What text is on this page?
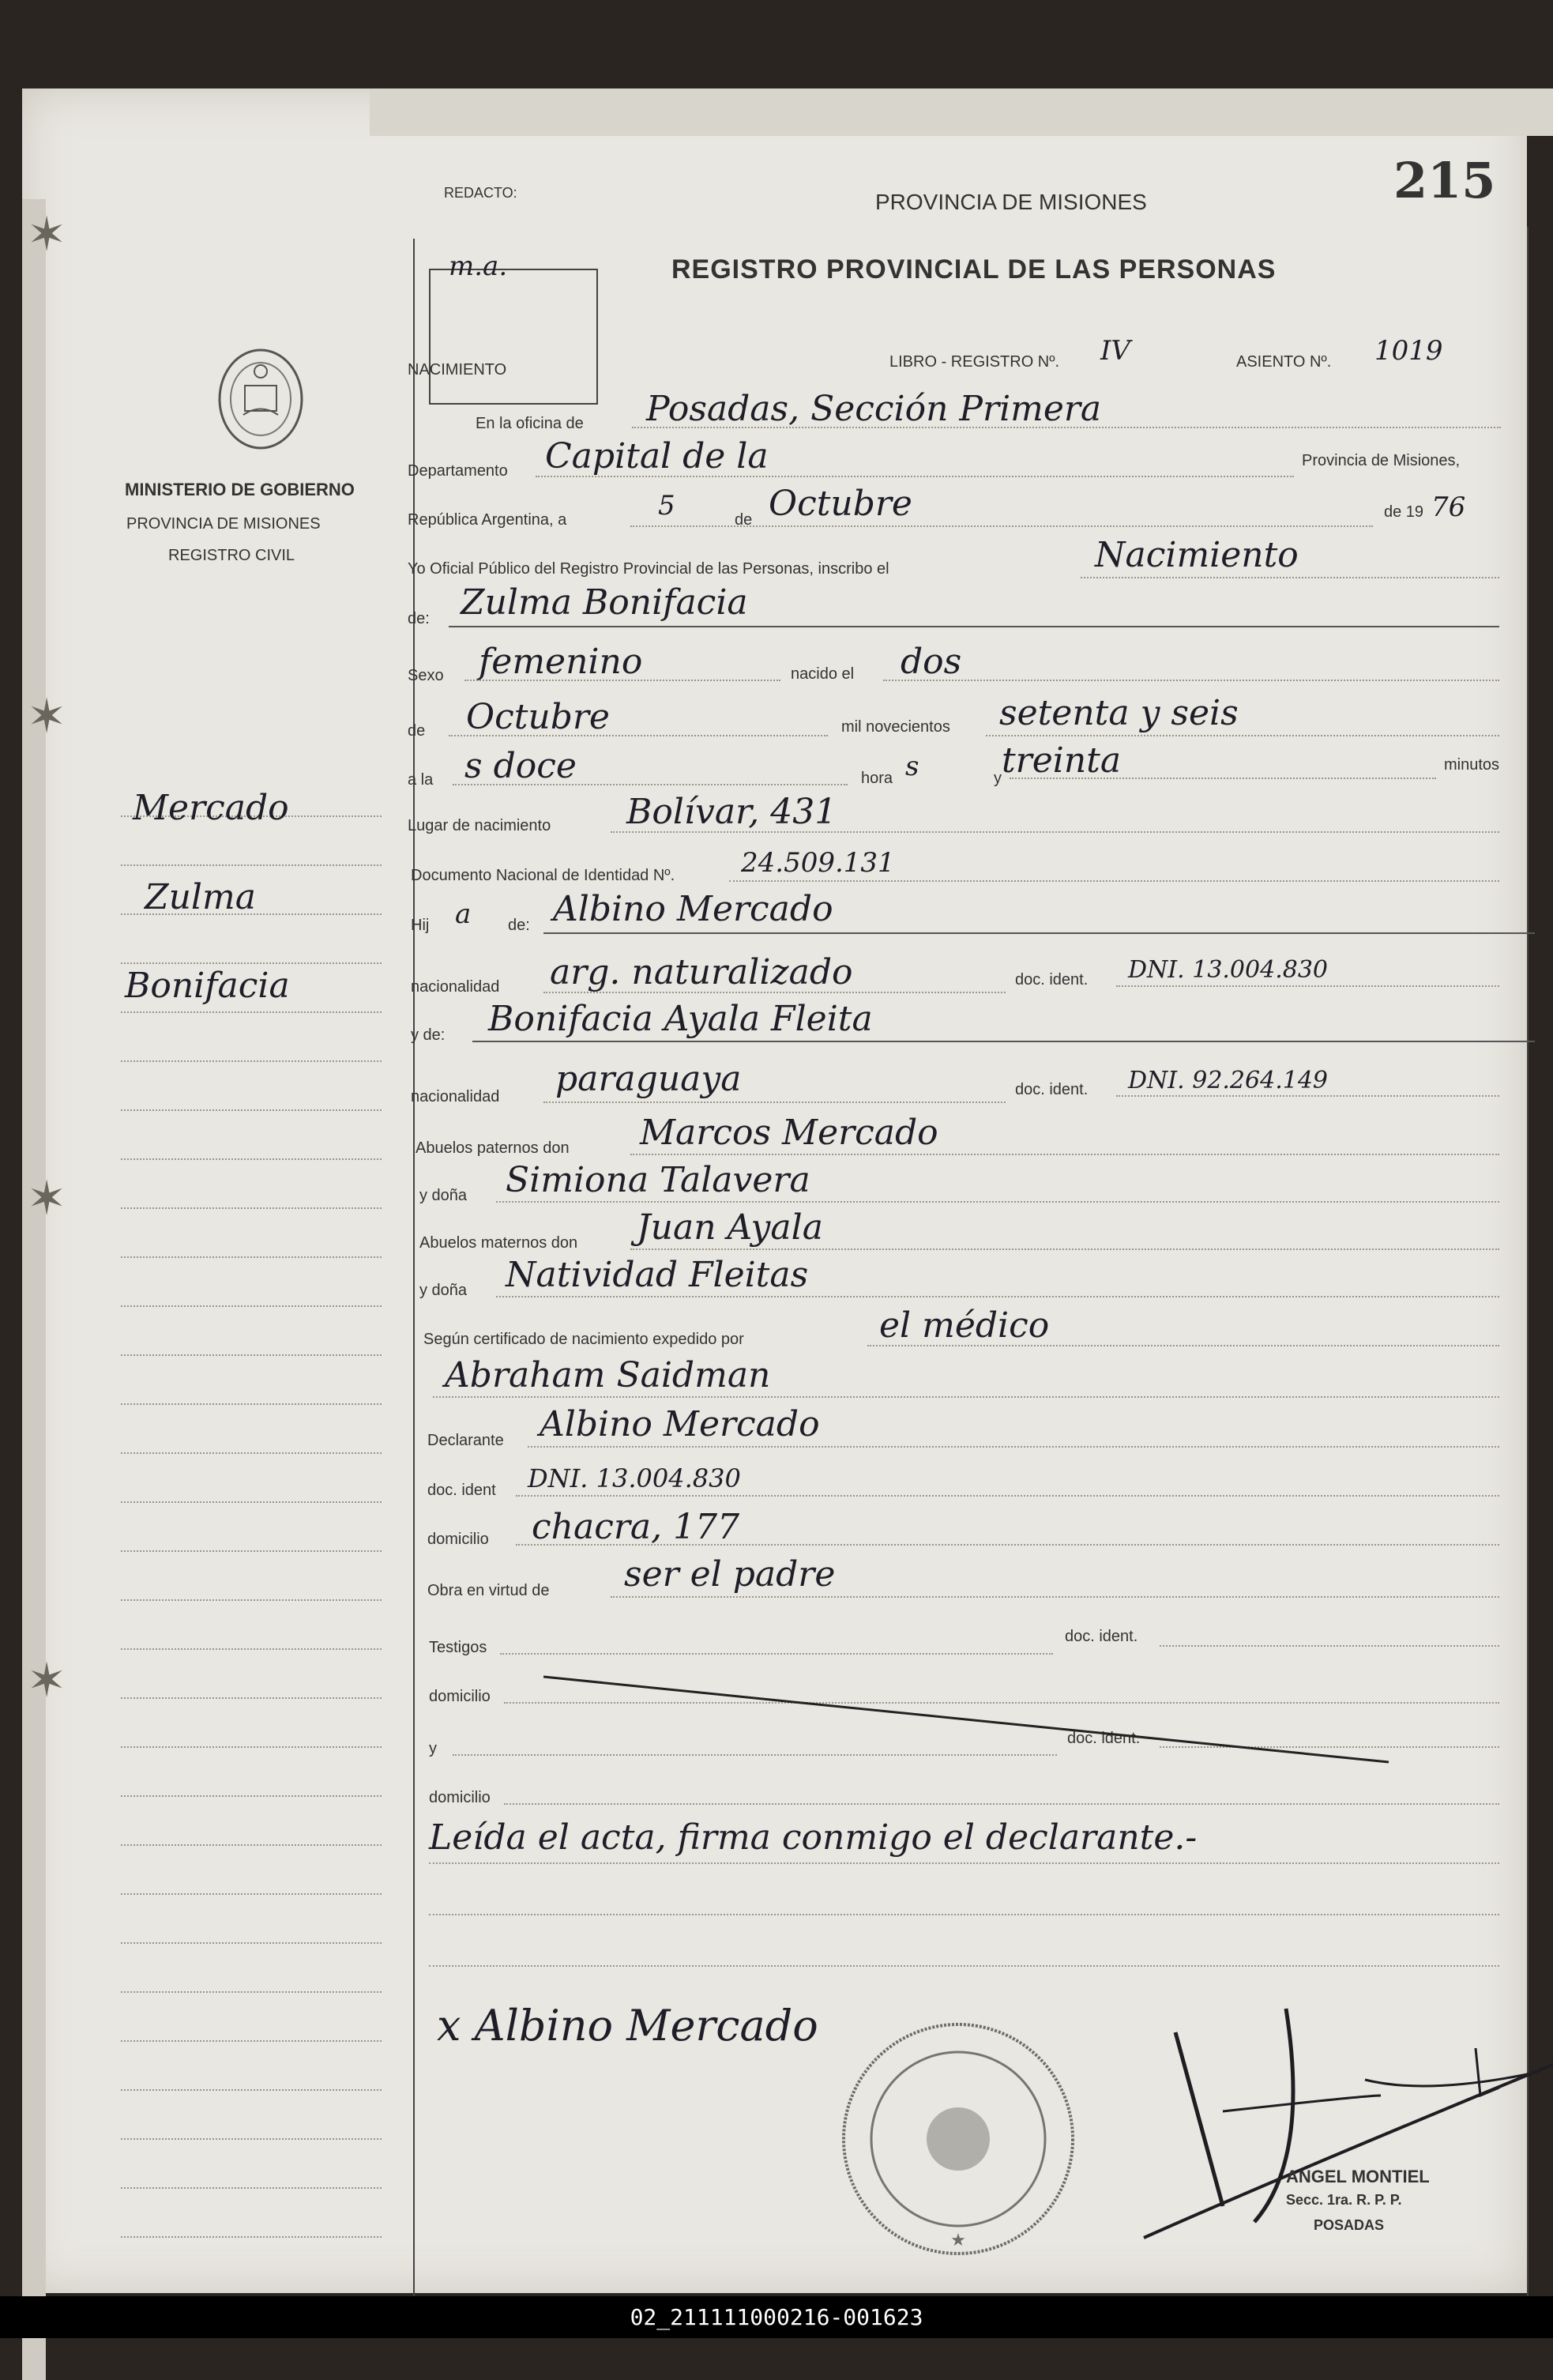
✶
✶
✶
✶
MINISTERIO DE GOBIERNO
PROVINCIA DE MISIONES
REGISTRO CIVIL
Mercado
Zulma
Bonifacia
REDACTO:
m.a.
PROVINCIA DE MISIONES	215
REGISTRO PROVINCIAL DE LAS PERSONAS
NACIMIENTO	LIBRO - REGISTRO Nº. IV	ASIENTO Nº. 1019
En la oficina de Posadas, Sección Primera
Departamento Capital de la	Provincia de Misiones,
República Argentina, a	5	de Octubre	de 19 76
Yo Oficial Público del Registro Provincial de las Personas, inscribo el	Nacimiento
de: Zulma Bonifacia
Sexo femenino	nacido el dos
de Octubre	mil novecientos setenta y seis
a la s doce	hora s	y treinta	minutos
Lugar de nacimiento Bolívar, 431
Documento Nacional de Identidad Nº. 24.509.131
Hij a de: Albino Mercado
nacionalidad arg. naturalizado	doc. ident. DNI. 13.004.830
y de: Bonifacia Ayala Fleita
nacionalidad paraguaya	doc. ident. DNI. 92.264.149
Abuelos paternos don Marcos Mercado
y doña Simiona Talavera
Abuelos maternos don Juan Ayala
y doña Natividad Fleitas
Según certificado de nacimiento expedido por	el médico
Abraham Saidman
Declarante Albino Mercado
doc. ident DNI. 13.004.830
domicilio chacra, 177
Obra en virtud de ser el padre
Testigos
doc. ident.
domicilio
y
doc. ident.
domicilio
Leída el acta, firma conmigo el declarante.-
x Albino Mercado
★
ANGEL MONTIEL
Secc. 1ra. R. P. P.
POSADAS
02_211111000216-001623
